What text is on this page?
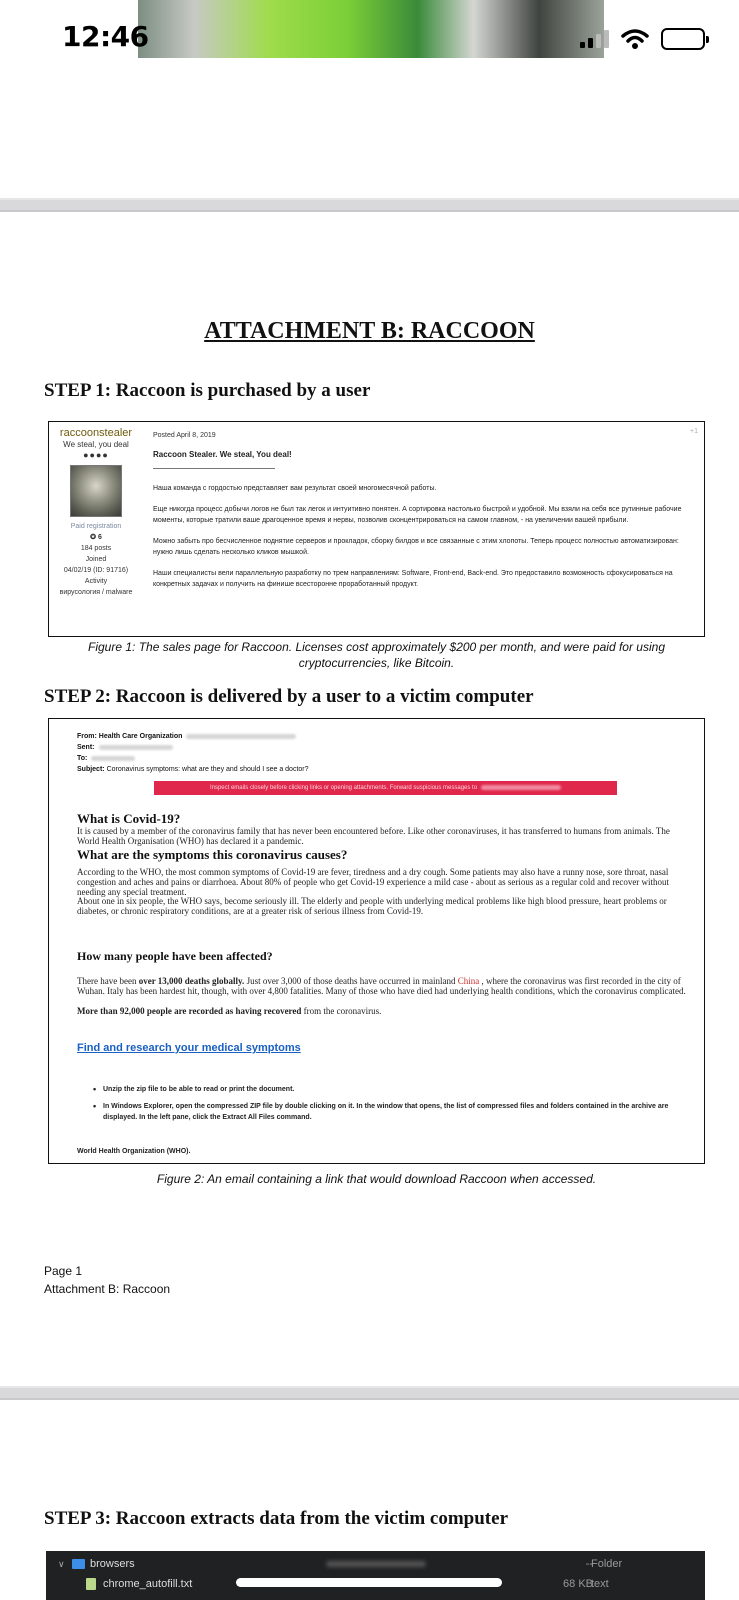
12:46
ATTACHMENT B: RACCOON
STEP 1: Raccoon is purchased by a user
raccoonstealer
We steal, you deal
●●●●
Paid registration
✪ 6
184 posts
Joined
04/02/19 (ID: 91716)
Activity
вирусология / malware
Posted April 8, 2019
Raccoon Stealer. We steal, You deal!
Наша команда с гордостью представляет вам результат своей многомесячной работы.
Еще никогда процесс добычи логов не был так легок и интуитивно понятен. А сортировка настолько быстрой и удобной. Мы взяли на себя все рутинные рабочие моменты, которые тратили ваше драгоценное время и нервы, позволив сконцентрироваться на самом главном, - на увеличении вашей прибыли.
Можно забыть про бесчисленное поднятие серверов и прокладок, сборку билдов и все связанные с этим хлопоты. Теперь процесс полностью автоматизирован: нужно лишь сделать несколько кликов мышкой.
Наши специалисты вели параллельную разработку по трем направлениям: Software, Front-end, Back-end. Это предоставило возможность сфокусироваться на конкретных задачах и получить на финише всесторонне проработанный продукт.
+1
Figure 1: The sales page for Raccoon. Licenses cost approximately $200 per month, and were paid for using cryptocurrencies, like Bitcoin.
STEP 2: Raccoon is delivered by a user to a victim computer
From: Health Care Organization
Sent:
To:
Subject: Coronavirus symptoms: what are they and should I see a doctor?
Inspect emails closely before clicking links or opening attachments. Forward suspicious messages to
What is Covid-19?
It is caused by a member of the coronavirus family that has never been encountered before. Like other coronaviruses, it has transferred to humans from animals. The World Health Organisation (WHO) has declared it a pandemic.
What are the symptoms this coronavirus causes?
According to the WHO, the most common symptoms of Covid-19 are fever, tiredness and a dry cough. Some patients may also have a runny nose, sore throat, nasal congestion and aches and pains or diarrhoea. About 80% of people who get Covid-19 experience a mild case - about as serious as a regular cold and recover without needing any special treatment.
About one in six people, the WHO says, become seriously ill. The elderly and people with underlying medical problems like high blood pressure, heart problems or diabetes, or chronic respiratory conditions, are at a greater risk of serious illness from Covid-19.
How many people have been affected?
There have been over 13,000 deaths globally. Just over 3,000 of those deaths have occurred in mainland China , where the coronavirus was first recorded in the city of Wuhan. Italy has been hardest hit, though, with over 4,800 fatalities. Many of those who have died had underlying health conditions, which the coronavirus complicated.
More than 92,000 people are recorded as having recovered from the coronavirus.
Find and research your medical symptoms
• Unzip the zip file to be able to read or print the document.
• In Windows Explorer, open the compressed ZIP file by double clicking on it. In the window that opens, the list of compressed files and folders contained in the archive are displayed. In the left pane, click the Extract All Files command.
World Health Organization (WHO).
Figure 2: An email containing a link that would download Raccoon when accessed.
Page 1
Attachment B: Raccoon
STEP 3: Raccoon extracts data from the victim computer
∨ browsers	--
Folder
chrome_autofill.txt	68 KB
text
